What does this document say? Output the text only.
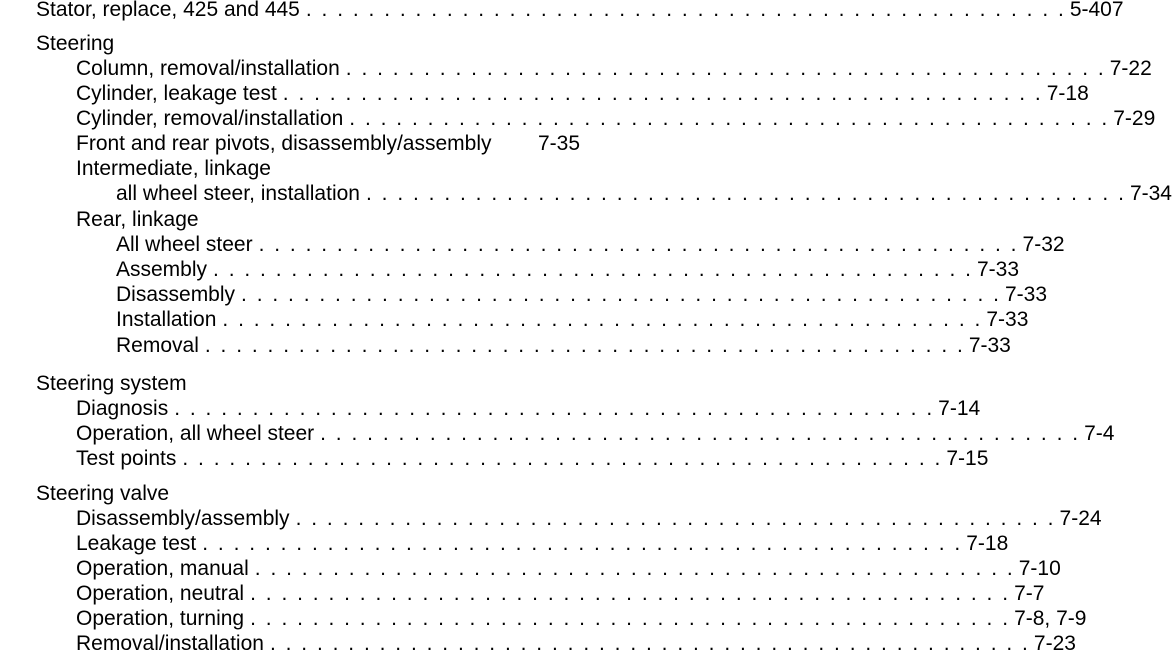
Stator, replace, 425 and 445 . . . . . . . . . . . . . . . . . . . . . . . . . . . . . . . . . . . . . . . . . . . . . . . . . 5-407
Steering
Column, removal/installation . . . . . . . . . . . . . . . . . . . . . . . . . . . . . . . . . . . . . . . . . . . . . . . . . 7-22
Cylinder, leakage test . . . . . . . . . . . . . . . . . . . . . . . . . . . . . . . . . . . . . . . . . . . . . . . . . 7-18
Cylinder, removal/installation . . . . . . . . . . . . . . . . . . . . . . . . . . . . . . . . . . . . . . . . . . . . . . . . . 7-29
Front and rear pivots, disassembly/assembly 7-35
Intermediate, linkage
all wheel steer, installation . . . . . . . . . . . . . . . . . . . . . . . . . . . . . . . . . . . . . . . . . . . . . . . . . 7-34
Rear, linkage
All wheel steer . . . . . . . . . . . . . . . . . . . . . . . . . . . . . . . . . . . . . . . . . . . . . . . . . 7-32
Assembly . . . . . . . . . . . . . . . . . . . . . . . . . . . . . . . . . . . . . . . . . . . . . . . . . 7-33
Disassembly . . . . . . . . . . . . . . . . . . . . . . . . . . . . . . . . . . . . . . . . . . . . . . . . . 7-33
Installation . . . . . . . . . . . . . . . . . . . . . . . . . . . . . . . . . . . . . . . . . . . . . . . . . 7-33
Removal . . . . . . . . . . . . . . . . . . . . . . . . . . . . . . . . . . . . . . . . . . . . . . . . . 7-33
Steering system
Diagnosis . . . . . . . . . . . . . . . . . . . . . . . . . . . . . . . . . . . . . . . . . . . . . . . . . 7-14
Operation, all wheel steer . . . . . . . . . . . . . . . . . . . . . . . . . . . . . . . . . . . . . . . . . . . . . . . . . 7-4
Test points . . . . . . . . . . . . . . . . . . . . . . . . . . . . . . . . . . . . . . . . . . . . . . . . . 7-15
Steering valve
Disassembly/assembly . . . . . . . . . . . . . . . . . . . . . . . . . . . . . . . . . . . . . . . . . . . . . . . . . 7-24
Leakage test . . . . . . . . . . . . . . . . . . . . . . . . . . . . . . . . . . . . . . . . . . . . . . . . . 7-18
Operation, manual . . . . . . . . . . . . . . . . . . . . . . . . . . . . . . . . . . . . . . . . . . . . . . . . . 7-10
Operation, neutral . . . . . . . . . . . . . . . . . . . . . . . . . . . . . . . . . . . . . . . . . . . . . . . . . 7-7
Operation, turning . . . . . . . . . . . . . . . . . . . . . . . . . . . . . . . . . . . . . . . . . . . . . . . . . 7-8, 7-9
Removal/installation . . . . . . . . . . . . . . . . . . . . . . . . . . . . . . . . . . . . . . . . . . . . . . . . . 7-23
